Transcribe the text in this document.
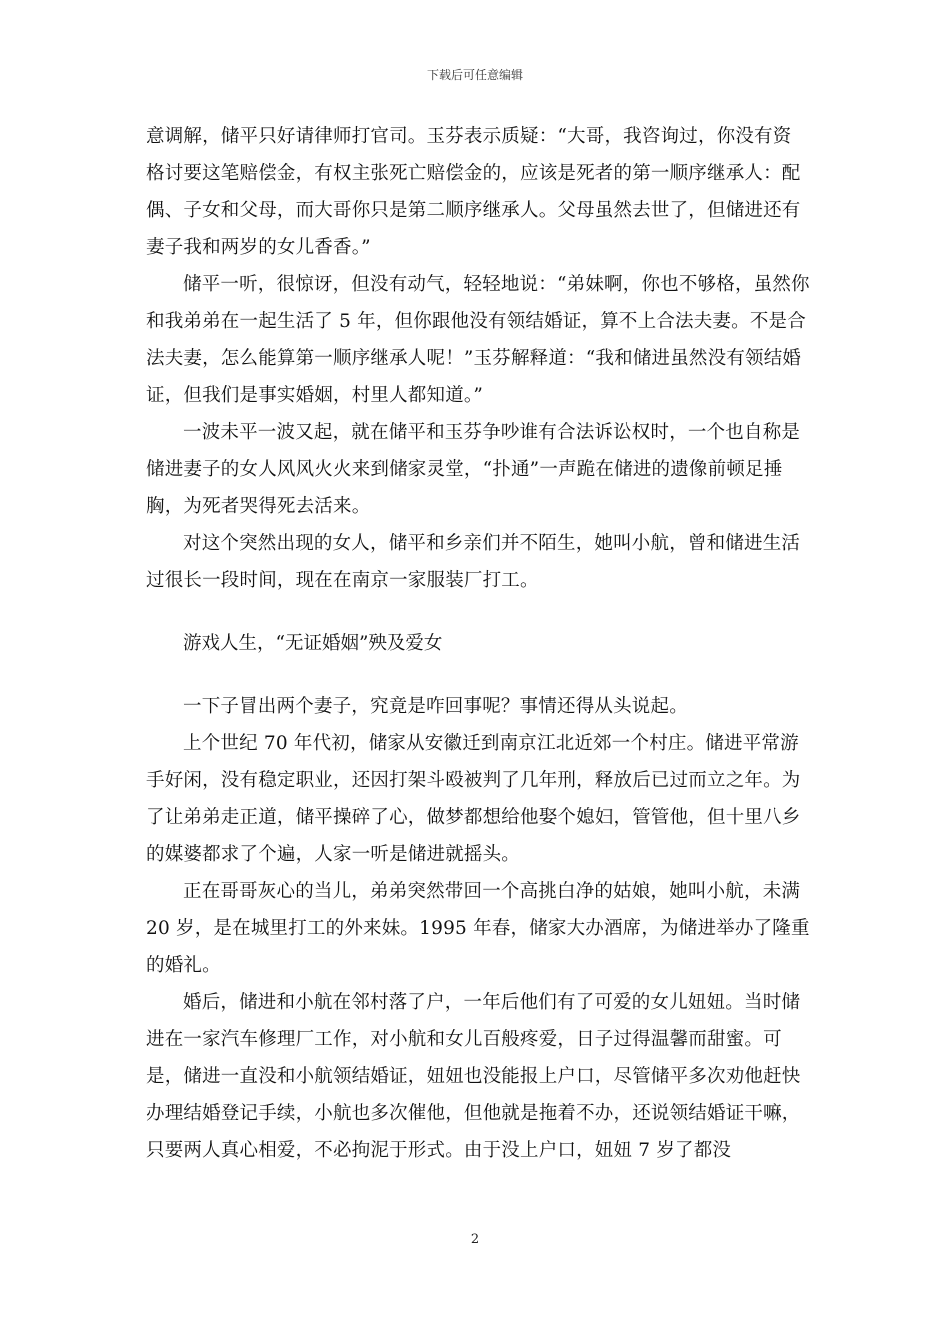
下载后可任意编辑

意调解，储平只好请律师打官司。玉芬表示质疑：“大哥，我咨询过，你没有资格讨要这笔赔偿金，有权主张死亡赔偿金的，应该是死者的第一顺序继承人：配偶、子女和父母，而大哥你只是第二顺序继承人。父母虽然去世了，但储进还有妻子我和两岁的女儿香香。”

储平一听，很惊讶，但没有动气，轻轻地说：“弟妹啊，你也不够格，虽然你和我弟弟在一起生活了 5 年，但你跟他没有领结婚证，算不上合法夫妻。不是合法夫妻，怎么能算第一顺序继承人呢！”玉芬解释道：“我和储进虽然没有领结婚证，但我们是事实婚姻，村里人都知道。”

一波未平一波又起，就在储平和玉芬争吵谁有合法诉讼权时，一个也自称是储进妻子的女人风风火火来到储家灵堂，“扑通”一声跪在储进的遗像前顿足捶胸，为死者哭得死去活来。

对这个突然出现的女人，储平和乡亲们并不陌生，她叫小航，曾和储进生活过很长一段时间，现在在南京一家服装厂打工。

游戏人生，“无证婚姻”殃及爱女

一下子冒出两个妻子，究竟是咋回事呢？事情还得从头说起。

上个世纪 70 年代初，储家从安徽迁到南京江北近郊一个村庄。储进平常游手好闲，没有稳定职业，还因打架斗殴被判了几年刑，释放后已过而立之年。为了让弟弟走正道，储平操碎了心，做梦都想给他娶个媳妇，管管他，但十里八乡的媒婆都求了个遍，人家一听是储进就摇头。

正在哥哥灰心的当儿，弟弟突然带回一个高挑白净的姑娘，她叫小航，未满 20 岁，是在城里打工的外来妹。1995 年春，储家大办酒席，为储进举办了隆重的婚礼。

婚后，储进和小航在邻村落了户，一年后他们有了可爱的女儿妞妞。当时储进在一家汽车修理厂工作，对小航和女儿百般疼爱，日子过得温馨而甜蜜。可是，储进一直没和小航领结婚证，妞妞也没能报上户口，尽管储平多次劝他赶快办理结婚登记手续，小航也多次催他，但他就是拖着不办，还说领结婚证干嘛，只要两人真心相爱，不必拘泥于形式。由于没上户口，妞妞 7 岁了都没

2
